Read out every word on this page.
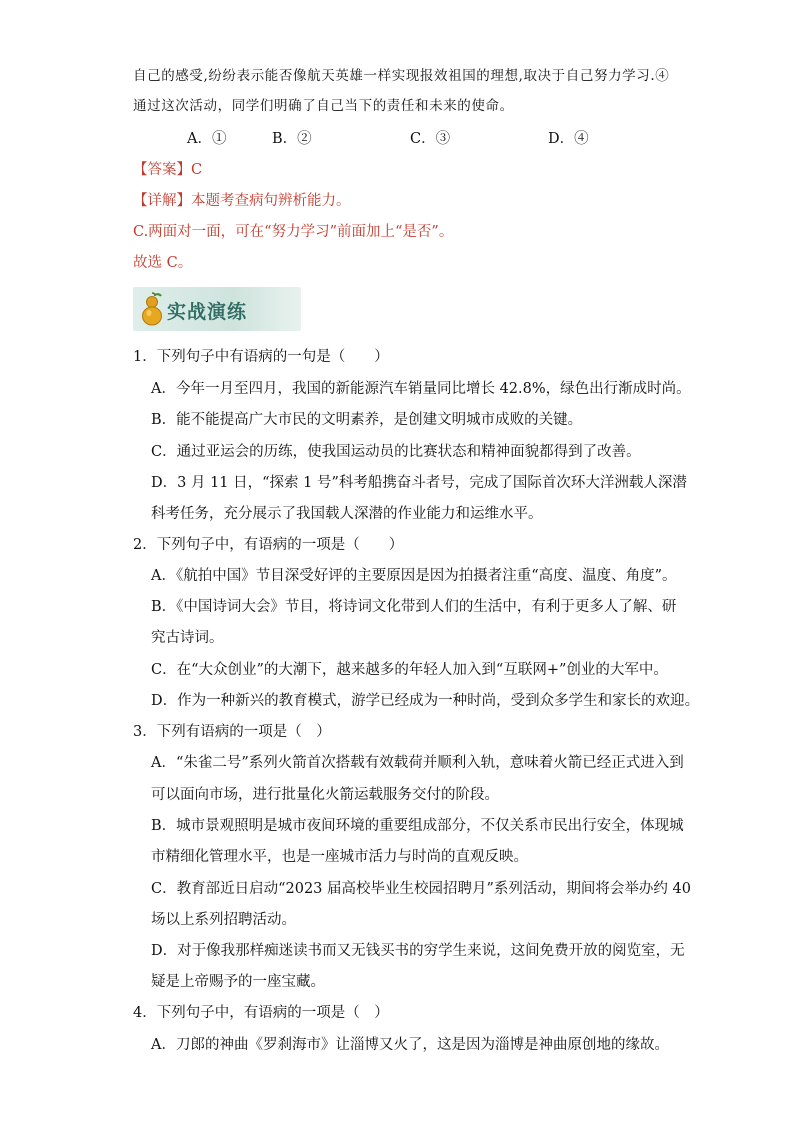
自己的感受,纷纷表示能否像航天英雄一样实现报效祖国的理想,取决于自己努力学习.④
通过这次活动，同学们明确了自己当下的责任和未来的使命。
A．①	B．②	C．③	D．④
【答案】C
【详解】本题考查病句辨析能力。
C.两面对一面，可在“努力学习”前面加上“是否”。
故选 C。
实战演练
1．下列句子中有语病的一句是（　　）
A．今年一月至四月，我国的新能源汽车销量同比增长 42.8%，绿色出行渐成时尚。
B．能不能提高广大市民的文明素养，是创建文明城市成败的关键。
C．通过亚运会的历练，使我国运动员的比赛状态和精神面貌都得到了改善。
D．3 月 11 日，“探索 1 号”科考船携奋斗者号，完成了国际首次环大洋洲载人深潜
科考任务，充分展示了我国载人深潜的作业能力和运维水平。
2．下列句子中，有语病的一项是（　　）
A．《航拍中国》节目深受好评的主要原因是因为拍摄者注重“高度、温度、角度”。
B．《中国诗词大会》节目，将诗词文化带到人们的生活中，有利于更多人了解、研
究古诗词。
C．在“大众创业”的大潮下，越来越多的年轻人加入到“互联网+”创业的大军中。
D．作为一种新兴的教育模式，游学已经成为一种时尚，受到众多学生和家长的欢迎。
3．下列有语病的一项是（　）
A．“朱雀二号”系列火箭首次搭载有效载荷并顺利入轨，意味着火箭已经正式进入到
可以面向市场，进行批量化火箭运载服务交付的阶段。
B．城市景观照明是城市夜间环境的重要组成部分，不仅关系市民出行安全，体现城
市精细化管理水平，也是一座城市活力与时尚的直观反映。
C．教育部近日启动“2023 届高校毕业生校园招聘月”系列活动，期间将会举办约 40
场以上系列招聘活动。
D．对于像我那样痴迷读书而又无钱买书的穷学生来说，这间免费开放的阅览室，无
疑是上帝赐予的一座宝藏。
4．下列句子中，有语病的一项是（　）
A．刀郎的神曲《罗刹海市》让淄博又火了，这是因为淄博是神曲原创地的缘故。
